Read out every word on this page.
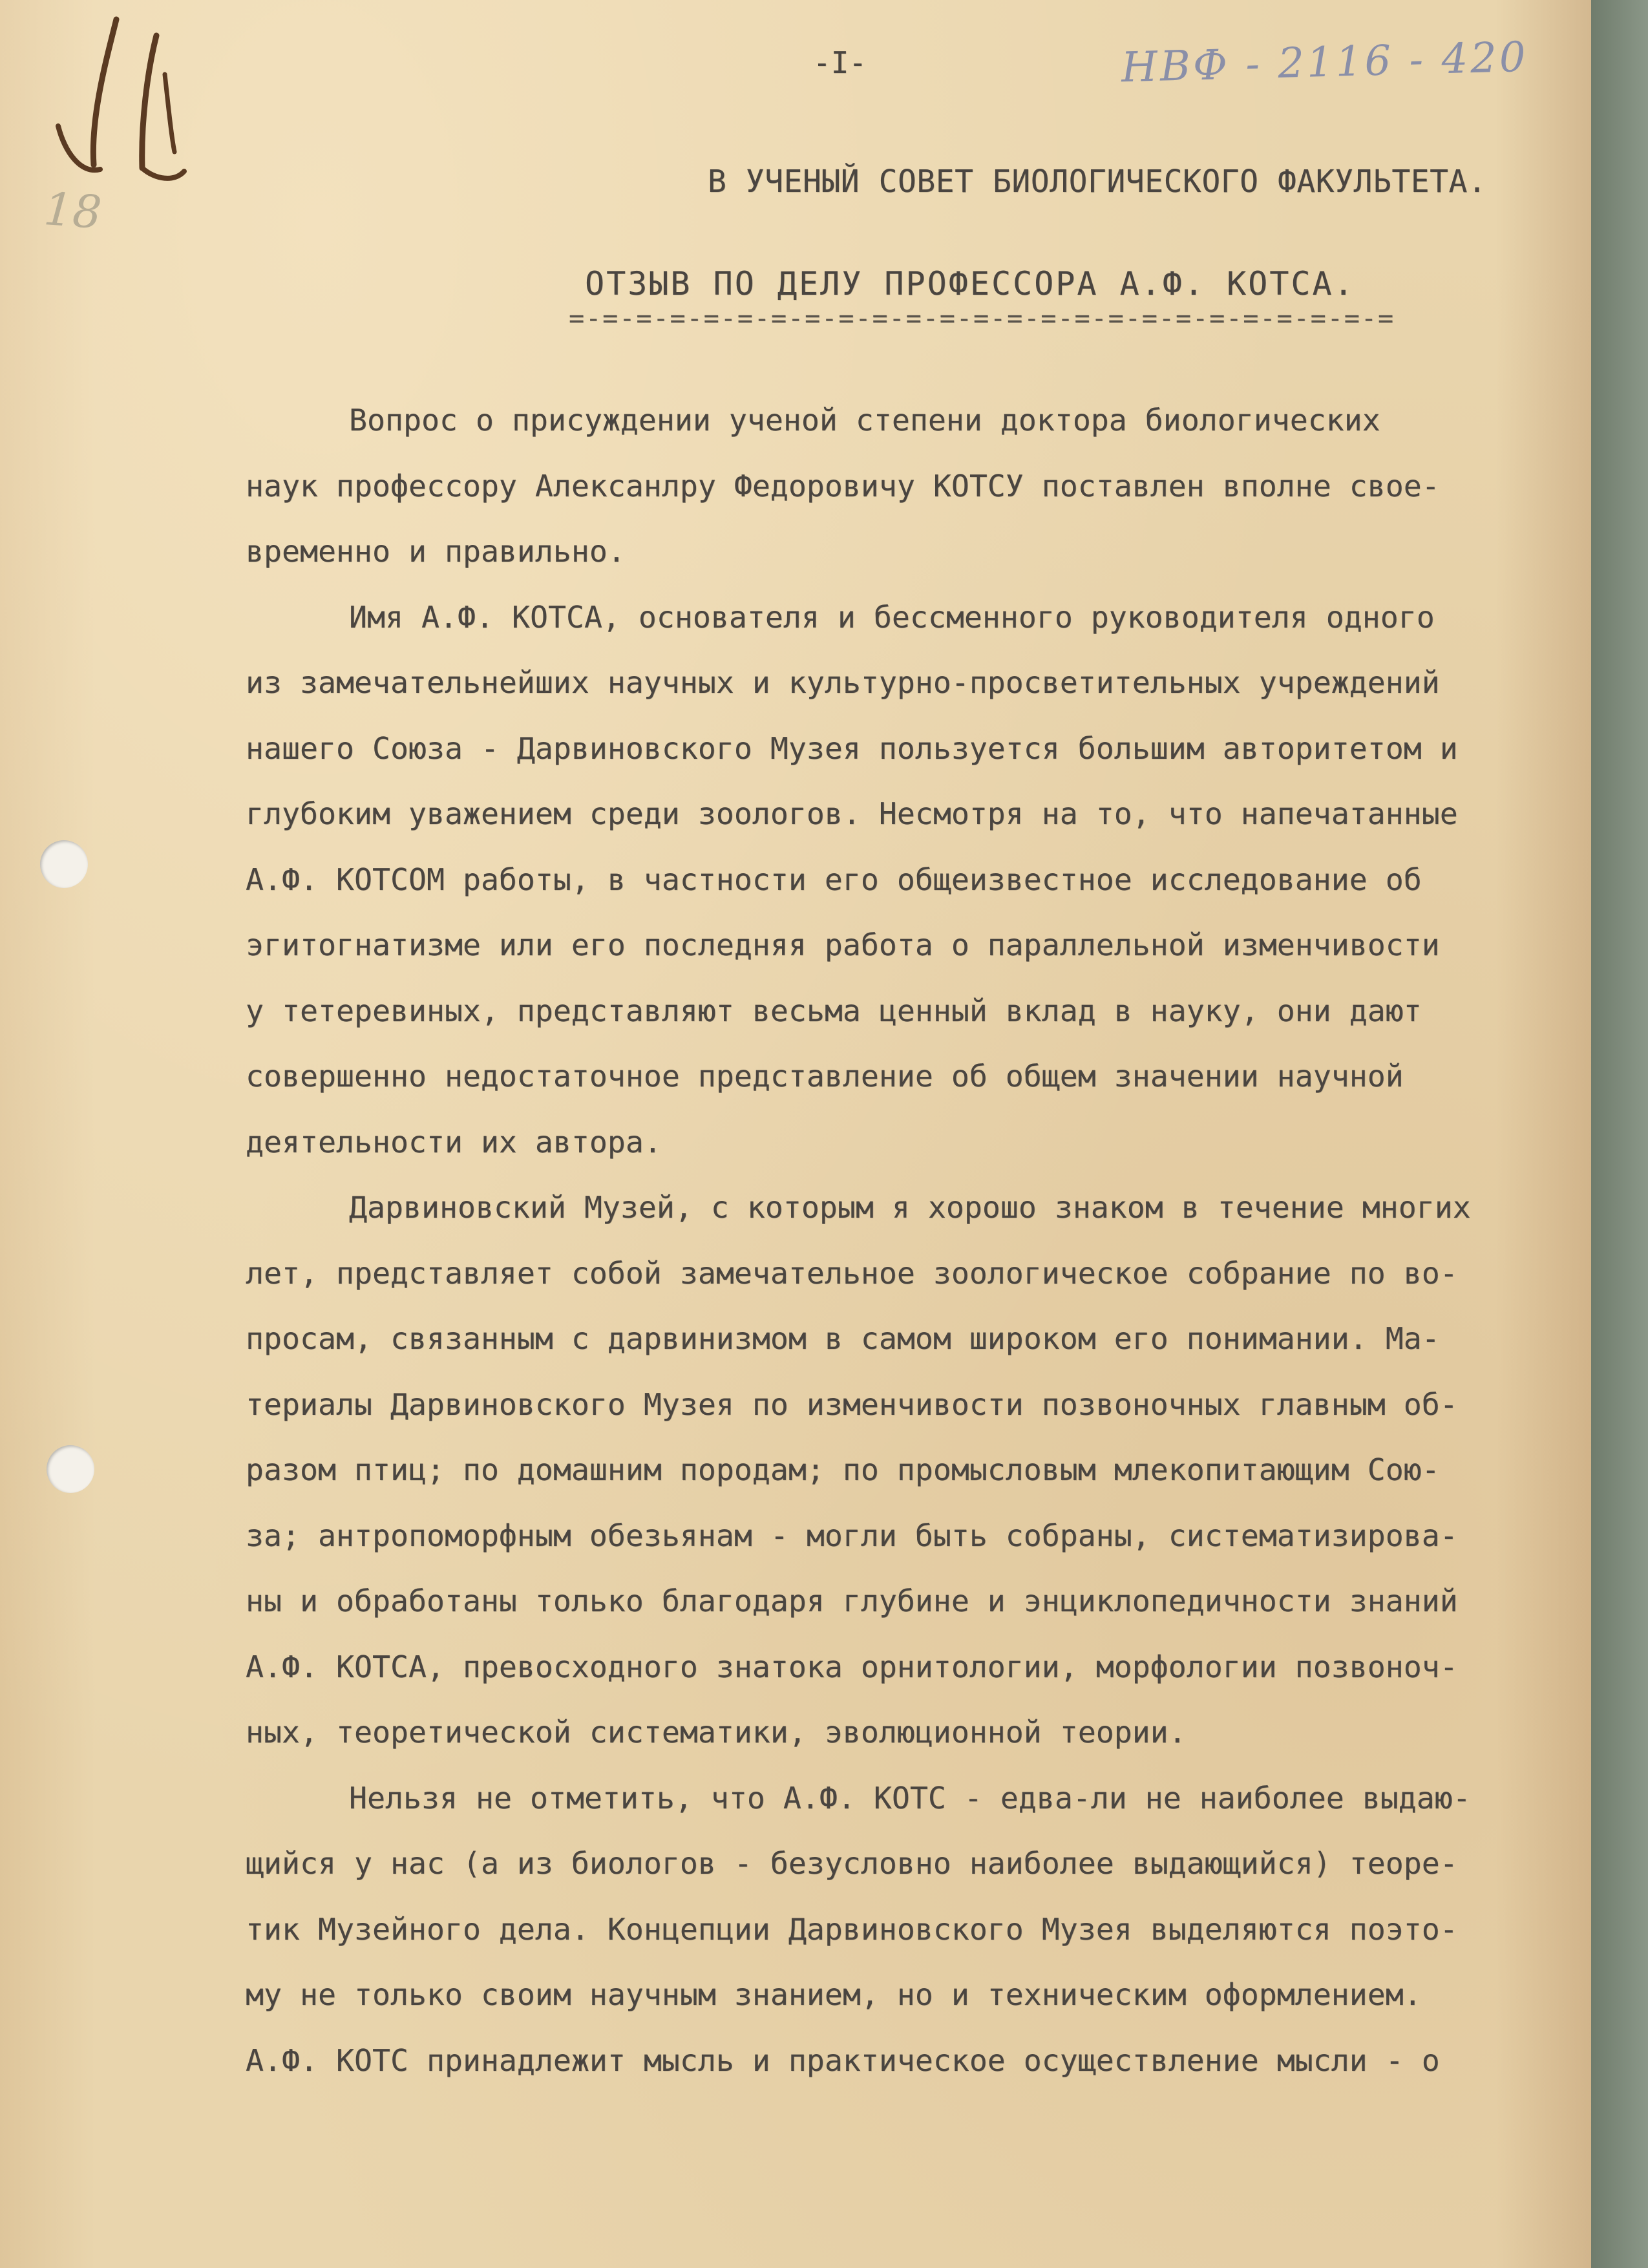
18
НВФ - 2116 - 420
-I-
В УЧЕНЫЙ СОВЕТ БИОЛОГИЧЕСКОГО ФАКУЛЬТЕТА.
ОТЗЫВ ПО ДЕЛУ ПРОФЕССОРА А.Ф. КОТСА.
=-=-=-=-=-=-=-=-=-=-=-=-=-=-=-=-=-=-=-=-=-=-=-=-=
Вопрос о присуждении ученой степени доктора биологических
наук профессору Алексанлру Федоровичу КОТСУ поставлен вполне свое-
временно и правильно.
Имя А.Ф. КОТСА, основателя и бессменного руководителя одного
из замечательнейших научных и культурно-просветительных учреждений
нашего Союза - Дарвиновского Музея пользуется большим авторитетом и
глубоким уважением среди зоологов. Несмотря на то, что напечатанные
А.Ф. КОТСОМ работы, в частности его общеизвестное исследование об
эгитогнатизме или его последняя работа о параллельной изменчивости
у тетеревиных, представляют весьма ценный вклад в науку, они дают
совершенно недостаточное представление об общем значении научной
деятельности их автора.
Дарвиновский Музей, с которым я хорошо знаком в течение многих
лет, представляет собой замечательное зоологическое собрание по во-
просам, связанным с дарвинизмом в самом широком его понимании. Ма-
териалы Дарвиновского Музея по изменчивости позвоночных главным об-
разом птиц; по домашним породам; по промысловым млекопитающим Сою-
за; антропоморфным обезьянам - могли быть собраны, систематизирова-
ны и обработаны только благодаря глубине и энциклопедичности знаний
А.Ф. КОТСА, превосходного знатока орнитологии, морфологии позвоноч-
ных, теоретической систематики, эволюционной теории.
Нельзя не отметить, что А.Ф. КОТС - едва-ли не наиболее выдаю-
щийся у нас (а из биологов - безусловно наиболее выдающийся) теоре-
тик Музейного дела. Концепции Дарвиновского Музея выделяются поэто-
му не только своим научным знанием, но и техническим оформлением.
А.Ф. КОТС принадлежит мысль и практическое осуществление мысли - о
